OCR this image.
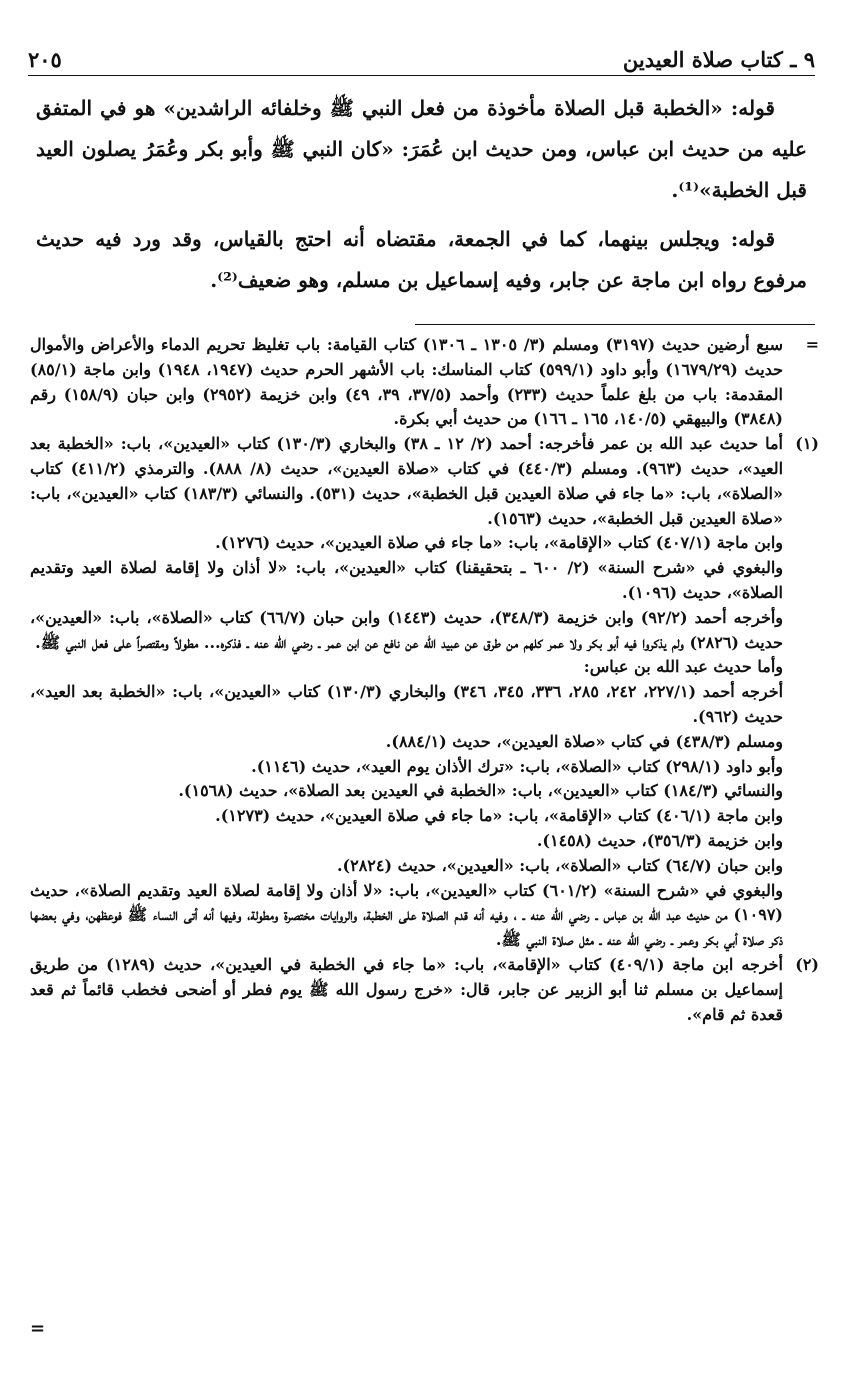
٩ ـ كتاب صلاة العيدين
٢٠٥

قوله: «الخطبة قبل الصلاة مأخوذة من فعل النبي ﷺ وخلفائه الراشدين» هو في المتفق عليه من حديث ابن عباس، ومن حديث ابن عُمَرَ: «كان النبي ﷺ وأبو بكر وعُمَرُ يصلون العيد قبل الخطبة»⁽¹⁾.

قوله: ويجلس بينهما، كما في الجمعة، مقتضاه أنه احتج بالقياس، وقد ورد فيه حديث مرفوع رواه ابن ماجة عن جابر، وفيه إسماعيل بن مسلم، وهو ضعيف⁽²⁾.

=

سبع أرضين حديث (٣١٩٧) ومسلم (٣/ ١٣٠٥ ـ ١٣٠٦) كتاب القيامة: باب تغليظ تحريم الدماء والأعراض والأموال حديث (١٦٧٩/٢٩) وأبو داود (٥٩٩/١) كتاب المناسك: باب الأشهر الحرم حديث (١٩٤٧، ١٩٤٨) وابن ماجة (٨٥/١) المقدمة: باب من بلغ علماً حديث (٢٣٣) وأحمد (٣٧/٥، ٣٩، ٤٩) وابن خزيمة (٢٩٥٢) وابن حبان (١٥٨/٩) رقم (٣٨٤٨) والبيهقي (١٤٠/٥، ١٦٥ ـ ١٦٦) من حديث أبي بكرة.

(١)

أما حديث عبد الله بن عمر فأخرجه: أحمد (٢/ ١٢ ـ ٣٨) والبخاري (١٣٠/٣) كتاب «العيدين»، باب: «الخطبة بعد العيد»، حديث (٩٦٣). ومسلم (٤٤٠/٣) في كتاب «صلاة العيدين»، حديث (٨/ ٨٨٨). والترمذي (٤١١/٢) كتاب «الصلاة»، باب: «ما جاء في صلاة العيدين قبل الخطبة»، حديث (٥٣١). والنسائي (١٨٣/٣) كتاب «العيدين»، باب: «صلاة العيدين قبل الخطبة»، حديث (١٥٦٣).

وابن ماجة (٤٠٧/١) كتاب «الإقامة»، باب: «ما جاء في صلاة العيدين»، حديث (١٢٧٦).

والبغوي في «شرح السنة» (٢/ ٦٠٠ ـ بتحقيقنا) كتاب «العيدين»، باب: «لا أذان ولا إقامة لصلاة العيد وتقديم الصلاة»، حديث (١٠٩٦).

وأخرجه أحمد (٩٢/٢) وابن خزيمة (٣٤٨/٣)، حديث (١٤٤٣) وابن حبان (٦٦/٧) كتاب «الصلاة»، باب: «العيدين»، حديث (٢٨٢٦) ولم يذكروا فيه أبو بكر ولا عمر كلهم من طرق عن عبيد الله عن نافع عن ابن عمر ـ رضي الله عنه ـ فذكره... مطولاً ومقتصراً على فعل النبي ﷺ.

وأما حديث عبد الله بن عباس:

أخرجه أحمد (٢٢٧/١، ٢٤٢، ٢٨٥، ٣٣٦، ٣٤٥، ٣٤٦) والبخاري (١٣٠/٣) كتاب «العيدين»، باب: «الخطبة بعد العيد»، حديث (٩٦٢).

ومسلم (٤٣٨/٣) في كتاب «صلاة العيدين»، حديث (٨٨٤/١).

وأبو داود (٢٩٨/١) كتاب «الصلاة»، باب: «ترك الأذان يوم العيد»، حديث (١١٤٦).

والنسائي (١٨٤/٣) كتاب «العيدين»، باب: «الخطبة في العيدين بعد الصلاة»، حديث (١٥٦٨).

وابن ماجة (٤٠٦/١) كتاب «الإقامة»، باب: «ما جاء في صلاة العيدين»، حديث (١٢٧٣).

وابن خزيمة (٣٥٦/٣)، حديث (١٤٥٨).

وابن حبان (٦٤/٧) كتاب «الصلاة»، باب: «العيدين»، حديث (٢٨٢٤).

والبغوي في «شرح السنة» (٦٠١/٢) كتاب «العيدين»، باب: «لا أذان ولا إقامة لصلاة العيد وتقديم الصلاة»، حديث (١٠٩٧) من حديث عبد الله بن عباس ـ رضي الله عنه ـ ، وفيه أنه قدم الصلاة على الخطبة، والروايات مختصرة ومطولة، وفيها أنه أتى النساء ﷺ فوعظهن، وفي بعضها ذكر صلاة أبي بكر وعمر ـ رضي الله عنه ـ مثل صلاة النبي ﷺ.

(٢)

أخرجه ابن ماجة (٤٠٩/١) كتاب «الإقامة»، باب: «ما جاء في الخطبة في العيدين»، حديث (١٢٨٩) من طريق إسماعيل بن مسلم ثنا أبو الزبير عن جابر، قال: «خرج رسول الله ﷺ يوم فطر أو أضحى فخطب قائماً ثم قعد قعدة ثم قام».

=
